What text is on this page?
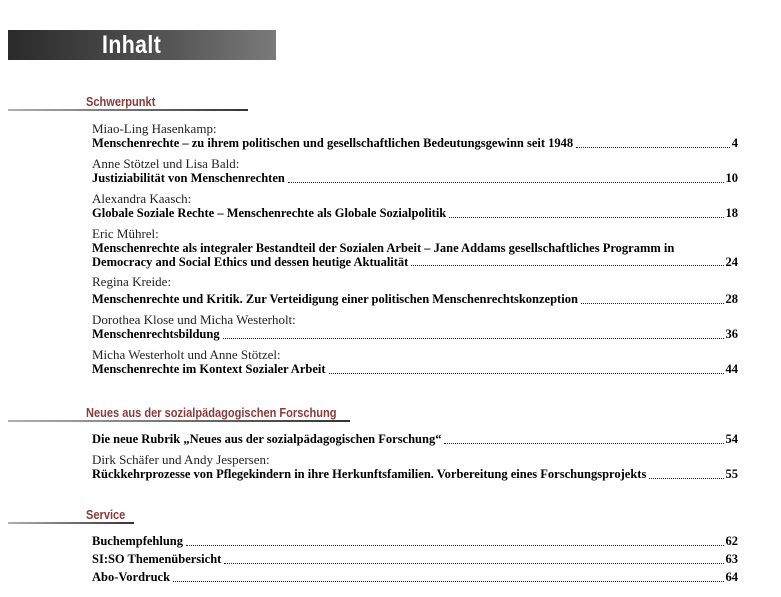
Inhalt
Schwerpunkt
Miao-Ling Hasenkamp:
Menschenrechte – zu ihrem politischen und gesellschaftlichen Bedeutungsgewinn seit 1948	4
Anne Stötzel und Lisa Bald:
Justiziabilität von Menschenrechten	10
Alexandra Kaasch:
Globale Soziale Rechte – Menschenrechte als Globale Sozialpolitik	18
Eric Mührel:
Menschenrechte als integraler Bestandteil der Sozialen Arbeit – Jane Addams gesellschaftliches Programm in
Democracy and Social Ethics und dessen heutige Aktualität	24
Regina Kreide:
Menschenrechte und Kritik. Zur Verteidigung einer politischen Menschenrechtskonzeption	28
Dorothea Klose und Micha Westerholt:
Menschenrechtsbildung	36
Micha Westerholt und Anne Stötzel:
Menschenrechte im Kontext Sozialer Arbeit	44
Neues aus der sozialpädagogischen Forschung
Die neue Rubrik „Neues aus der sozialpädagogischen Forschung“	54
Dirk Schäfer und Andy Jespersen:
Rückkehrprozesse von Pflegekindern in ihre Herkunftsfamilien. Vorbereitung eines Forschungsprojekts	55
Service
Buchempfehlung	62
SI:SO Themenübersicht	63
Abo-Vordruck	64
